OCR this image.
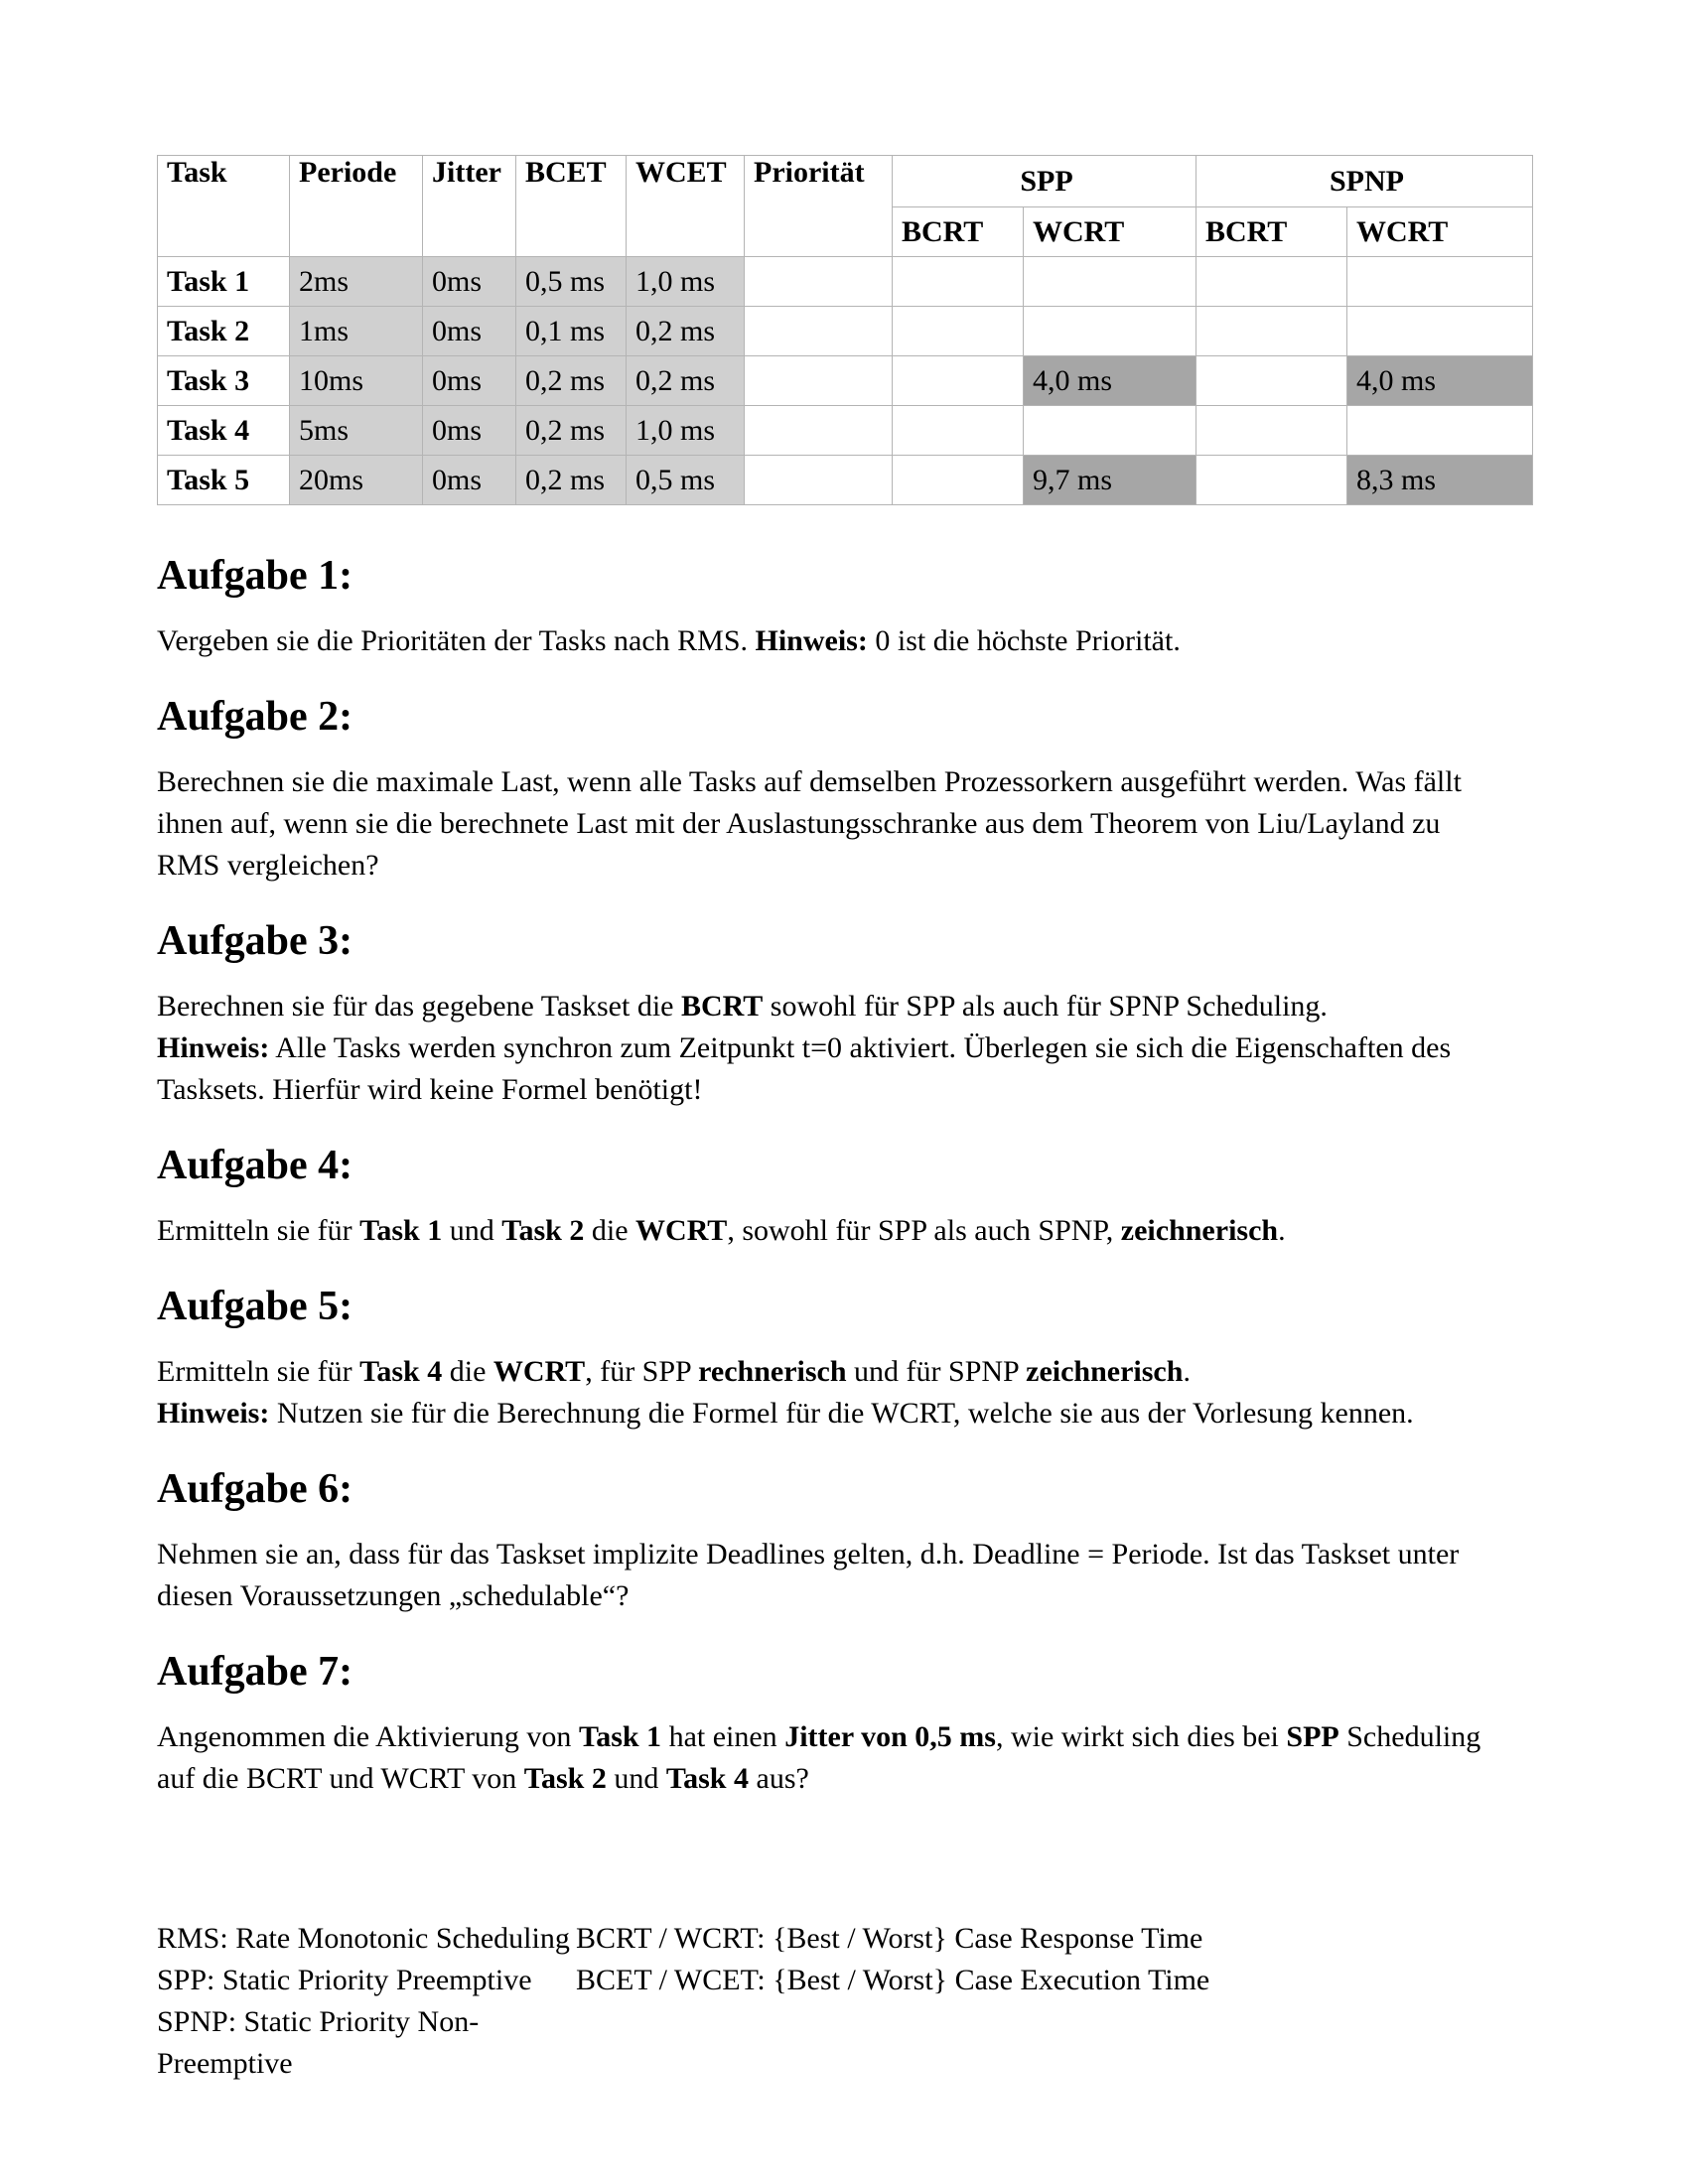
Task	Periode	Jitter	BCET	WCET	Priorität	SPP		SPNP	
						BCRT	WCRT	BCRT	WCRT
Task 1	2ms	0ms	0,5 ms	1,0 ms					
Task 2	1ms	0ms	0,1 ms	0,2 ms					
Task 3	10ms	0ms	0,2 ms	0,2 ms			4,0 ms		4,0 ms
Task 4	5ms	0ms	0,2 ms	1,0 ms					
Task 5	20ms	0ms	0,2 ms	0,5 ms			9,7 ms		8,3 ms
Aufgabe 1:

Vergeben sie die Prioritäten der Tasks nach RMS. Hinweis: 0 ist die höchste Priorität.

Aufgabe 2:

Berechnen sie die maximale Last, wenn alle Tasks auf demselben Prozessorkern ausgeführt werden. Was fällt
ihnen auf, wenn sie die berechnete Last mit der Auslastungsschranke aus dem Theorem von Liu/Layland zu
RMS vergleichen?

Aufgabe 3:

Berechnen sie für das gegebene Taskset die BCRT sowohl für SPP als auch für SPNP Scheduling.
Hinweis: Alle Tasks werden synchron zum Zeitpunkt t=0 aktiviert. Überlegen sie sich die Eigenschaften des
Tasksets. Hierfür wird keine Formel benötigt!

Aufgabe 4:

Ermitteln sie für Task 1 und Task 2 die WCRT, sowohl für SPP als auch SPNP, zeichnerisch.

Aufgabe 5:

Ermitteln sie für Task 4 die WCRT, für SPP rechnerisch und für SPNP zeichnerisch.
Hinweis: Nutzen sie für die Berechnung die Formel für die WCRT, welche sie aus der Vorlesung kennen.

Aufgabe 6:

Nehmen sie an, dass für das Taskset implizite Deadlines gelten, d.h. Deadline = Periode. Ist das Taskset unter
diesen Voraussetzungen „schedulable“?

Aufgabe 7:

Angenommen die Aktivierung von Task 1 hat einen Jitter von 0,5 ms, wie wirkt sich dies bei SPP Scheduling
auf die BCRT und WCRT von Task 2 und Task 4 aus?

RMS: Rate Monotonic Scheduling
SPP: Static Priority Preemptive
SPNP: Static Priority Non-Preemptive
BCRT / WCRT: {Best / Worst} Case Response Time
BCET / WCET: {Best / Worst} Case Execution Time
